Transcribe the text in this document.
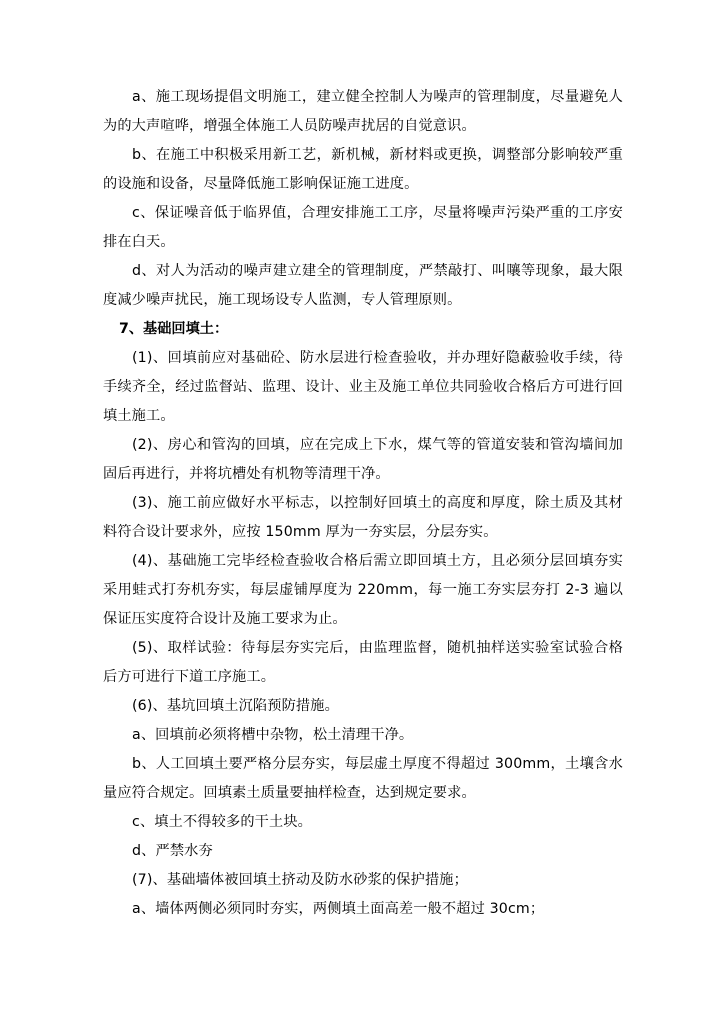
a、施工现场提倡文明施工，建立健全控制人为噪声的管理制度，尽量避免人为的大声喧哗，增强全体施工人员防噪声扰居的自觉意识。

b、在施工中积极采用新工艺，新机械，新材料或更换，调整部分影响较严重的设施和设备，尽量降低施工影响保证施工进度。

c、保证噪音低于临界值，合理安排施工工序，尽量将噪声污染严重的工序安排在白天。

d、对人为活动的噪声建立建全的管理制度，严禁敲打、叫嚷等现象，最大限度减少噪声扰民，施工现场设专人监测，专人管理原则。

7、基础回填土：

(1)、回填前应对基础砼、防水层进行检查验收，并办理好隐蔽验收手续，待手续齐全，经过监督站、监理、设计、业主及施工单位共同验收合格后方可进行回填土施工。

(2)、房心和管沟的回填，应在完成上下水，煤气等的管道安装和管沟墙间加固后再进行，并将坑槽处有机物等清理干净。

(3)、施工前应做好水平标志，以控制好回填土的高度和厚度，除土质及其材料符合设计要求外，应按 150mm 厚为一夯实层，分层夯实。

(4)、基础施工完毕经检查验收合格后需立即回填土方，且必须分层回填夯实采用蛙式打夯机夯实，每层虚铺厚度为 220mm，每一施工夯实层夯打 2-3 遍以保证压实度符合设计及施工要求为止。

(5)、取样试验：待每层夯实完后，由监理监督，随机抽样送实验室试验合格后方可进行下道工序施工。

(6)、基坑回填土沉陷预防措施。

a、回填前必须将槽中杂物，松土清理干净。

b、人工回填土要严格分层夯实，每层虚土厚度不得超过 300mm，土壤含水量应符合规定。回填素土质量要抽样检查，达到规定要求。

c、填土不得较多的干土块。

d、严禁水夯

(7)、基础墙体被回填土挤动及防水砂浆的保护措施；

a、墙体两侧必须同时夯实，两侧填土面高差一般不超过 30cm；
